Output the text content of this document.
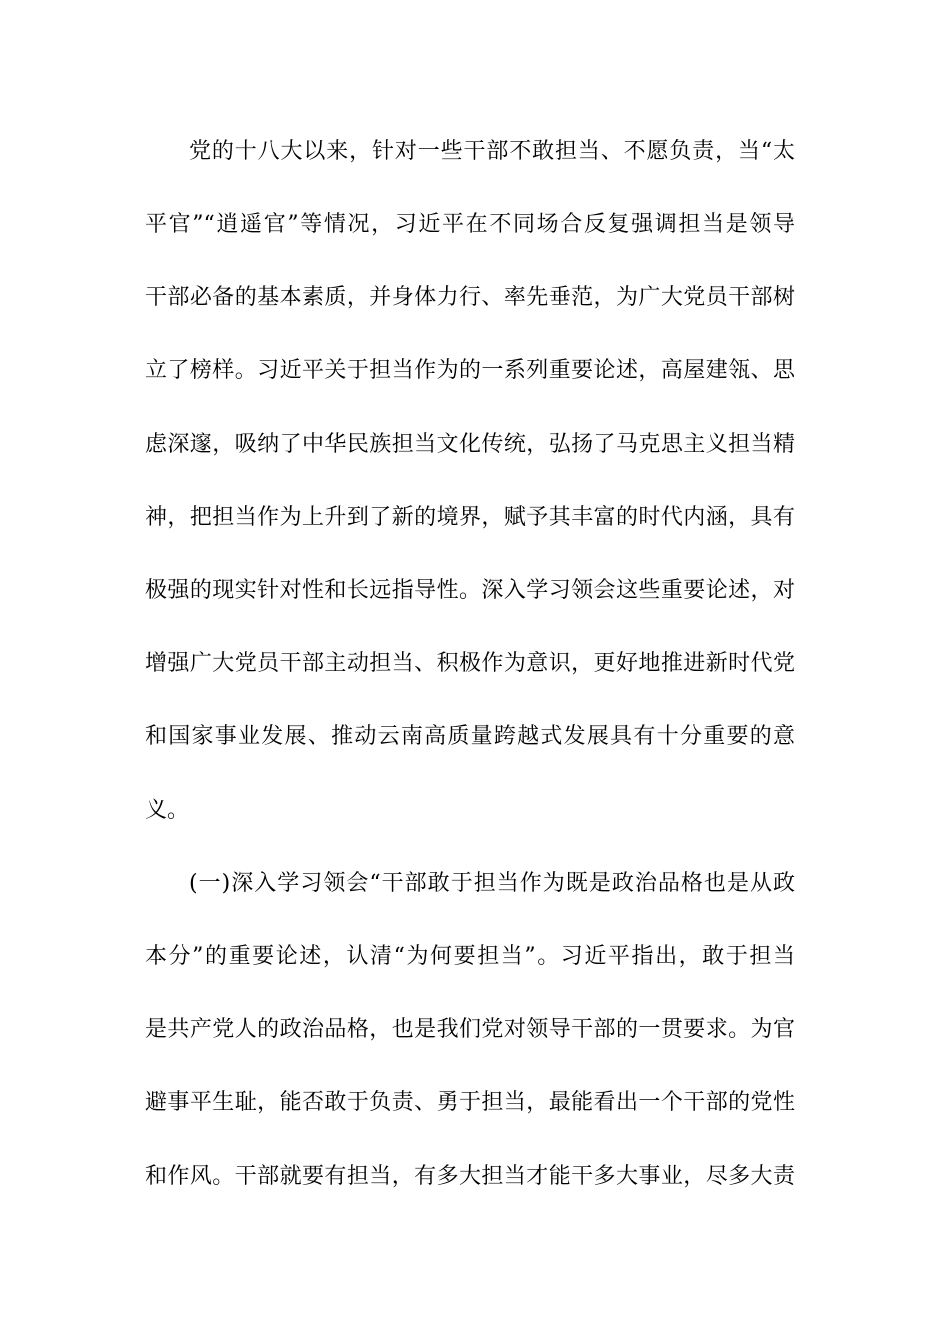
党的十八大以来，针对一些干部不敢担当、不愿负责，当“太
平官”“逍遥官”等情况，习近平在不同场合反复强调担当是领导
干部必备的基本素质，并身体力行、率先垂范，为广大党员干部树
立了榜样。习近平关于担当作为的一系列重要论述，高屋建瓴、思
虑深邃，吸纳了中华民族担当文化传统，弘扬了马克思主义担当精
神，把担当作为上升到了新的境界，赋予其丰富的时代内涵，具有
极强的现实针对性和长远指导性。深入学习领会这些重要论述，对
增强广大党员干部主动担当、积极作为意识，更好地推进新时代党
和国家事业发展、推动云南高质量跨越式发展具有十分重要的意
义。
(一)深入学习领会“干部敢于担当作为既是政治品格也是从政
本分”的重要论述，认清“为何要担当”。习近平指出，敢于担当
是共产党人的政治品格，也是我们党对领导干部的一贯要求。为官
避事平生耻，能否敢于负责、勇于担当，最能看出一个干部的党性
和作风。干部就要有担当，有多大担当才能干多大事业，尽多大责
